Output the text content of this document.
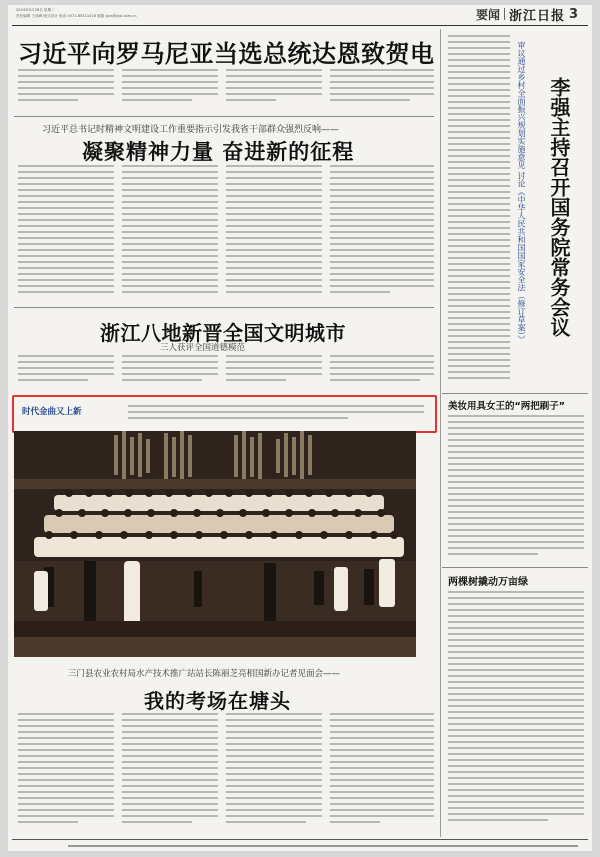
2024年5月28日 星期二
责任编辑 王逸峰 版式设计 电话 0571-85311018 邮箱 ipcs@zjol.com.cn	要闻 浙江日报 3
习近平向罗马尼亚当选总统达恩致贺电
习近平总书记时精神文明建设工作重要指示引发我省干部群众强烈反响——
凝聚精神力量 奋进新的征程
浙江八地新晋全国文明城市
三人获评全国道德模范
时代金曲又上新
三门县农业农村局水产技术推广站站长陈丽芝亮相国新办记者见面会——
我的考场在塘头
李强主持召开国务院常务会议
审议通过乡村全面振兴规划实施意见 讨论《中华人民共和国国家安全法（修订草案）》
美妆用具女王的“两把刷子”
两棵树撬动万亩绿
